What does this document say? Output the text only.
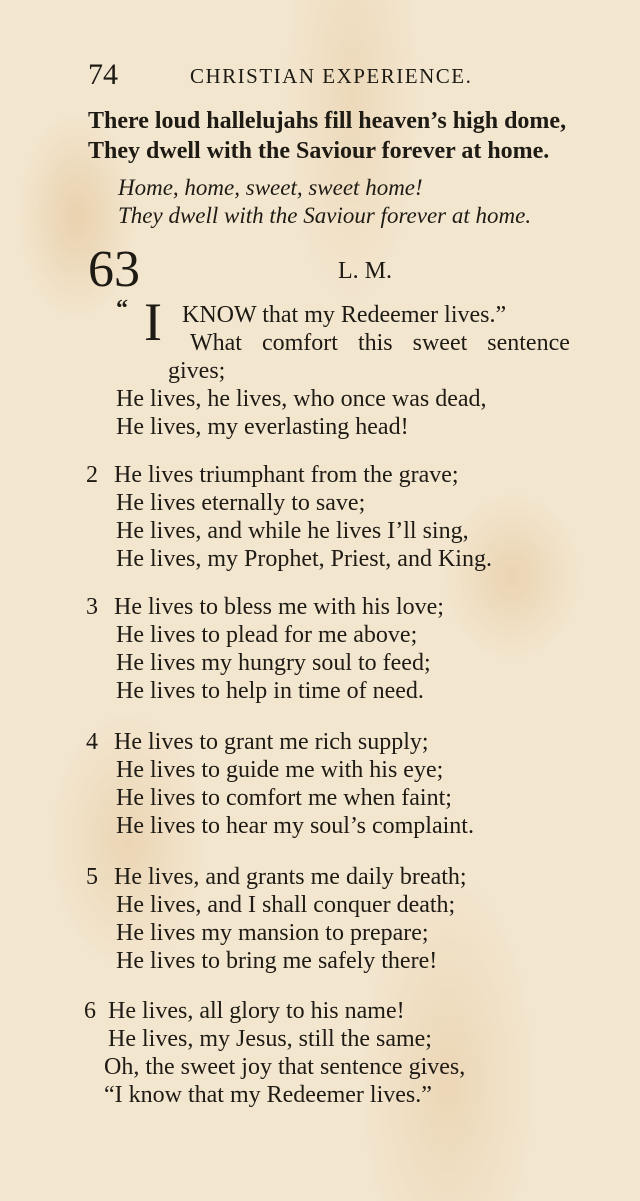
74	CHRISTIAN EXPERIENCE.
There loud hallelujahs fill heaven’s high dome,
They dwell with the Saviour forever at home.
Home, home, sweet, sweet home!
They dwell with the Saviour forever at home.
63	L. M.
“ I KNOW that my Redeemer lives.”
What comfort this sweet sentence
gives;
He lives, he lives, who once was dead,
He lives, my everlasting head!
2 He lives triumphant from the grave;
He lives eternally to save;
He lives, and while he lives I’ll sing,
He lives, my Prophet, Priest, and King.
3 He lives to bless me with his love;
He lives to plead for me above;
He lives my hungry soul to feed;
He lives to help in time of need.
4 He lives to grant me rich supply;
He lives to guide me with his eye;
He lives to comfort me when faint;
He lives to hear my soul’s complaint.
5 He lives, and grants me daily breath;
He lives, and I shall conquer death;
He lives my mansion to prepare;
He lives to bring me safely there!
6 He lives, all glory to his name!
He lives, my Jesus, still the same;
Oh, the sweet joy that sentence gives,
“I know that my Redeemer lives.”
